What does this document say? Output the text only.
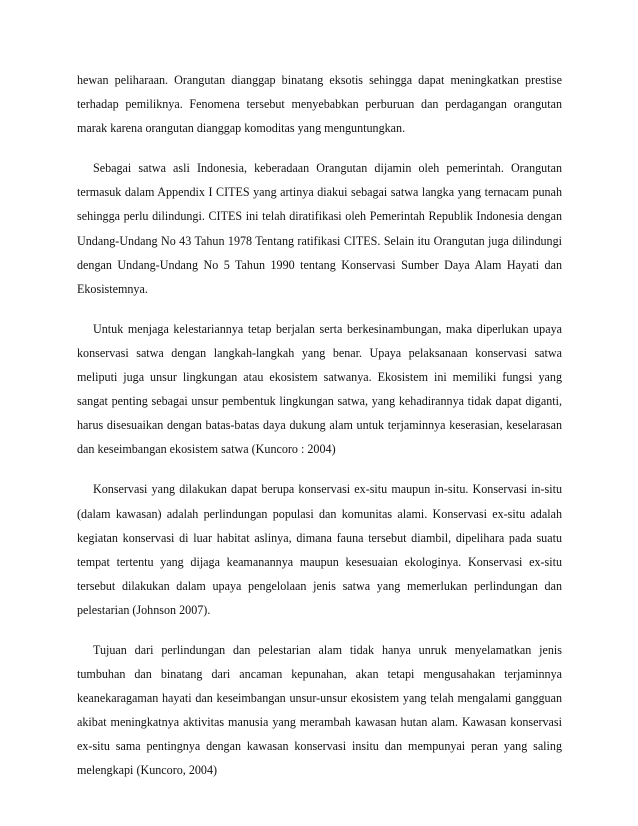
hewan peliharaan. Orangutan dianggap binatang eksotis sehingga dapat meningkatkan prestise terhadap pemiliknya. Fenomena tersebut menyebabkan perburuan dan perdagangan orangutan marak karena orangutan dianggap komoditas yang menguntungkan.

Sebagai satwa asli Indonesia, keberadaan Orangutan dijamin oleh pemerintah. Orangutan termasuk dalam Appendix I CITES yang artinya diakui sebagai satwa langka yang ternacam punah sehingga perlu dilindungi. CITES ini telah diratifikasi oleh Pemerintah Republik Indonesia dengan Undang-Undang No 43 Tahun 1978 Tentang ratifikasi CITES. Selain itu Orangutan juga dilindungi dengan Undang-Undang No 5 Tahun 1990 tentang Konservasi Sumber Daya Alam Hayati dan Ekosistemnya.

Untuk menjaga kelestariannya tetap berjalan serta berkesinambungan, maka diperlukan upaya konservasi satwa dengan langkah-langkah yang benar. Upaya pelaksanaan konservasi satwa meliputi juga unsur lingkungan atau ekosistem satwanya. Ekosistem ini memiliki fungsi yang sangat penting sebagai unsur pembentuk lingkungan satwa, yang kehadirannya tidak dapat diganti, harus disesuaikan dengan batas-batas daya dukung alam untuk terjaminnya keserasian, keselarasan dan keseimbangan ekosistem satwa (Kuncoro : 2004)

Konservasi yang dilakukan dapat berupa konservasi ex-situ maupun in-situ. Konservasi in-situ (dalam kawasan) adalah perlindungan populasi dan komunitas alami. Konservasi ex-situ adalah kegiatan konservasi di luar habitat aslinya, dimana fauna tersebut diambil, dipelihara pada suatu tempat tertentu yang dijaga keamanannya maupun kesesuaian ekologinya. Konservasi ex-situ tersebut dilakukan dalam upaya pengelolaan jenis satwa yang memerlukan perlindungan dan pelestarian (Johnson 2007).

Tujuan dari perlindungan dan pelestarian alam tidak hanya unruk menyelamatkan jenis tumbuhan dan binatang dari ancaman kepunahan, akan tetapi mengusahakan terjaminnya keanekaragaman hayati dan keseimbangan unsur-unsur ekosistem yang telah mengalami gangguan akibat meningkatnya aktivitas manusia yang merambah kawasan hutan alam. Kawasan konservasi ex-situ sama pentingnya dengan kawasan konservasi insitu dan mempunyai peran yang saling melengkapi (Kuncoro, 2004)
